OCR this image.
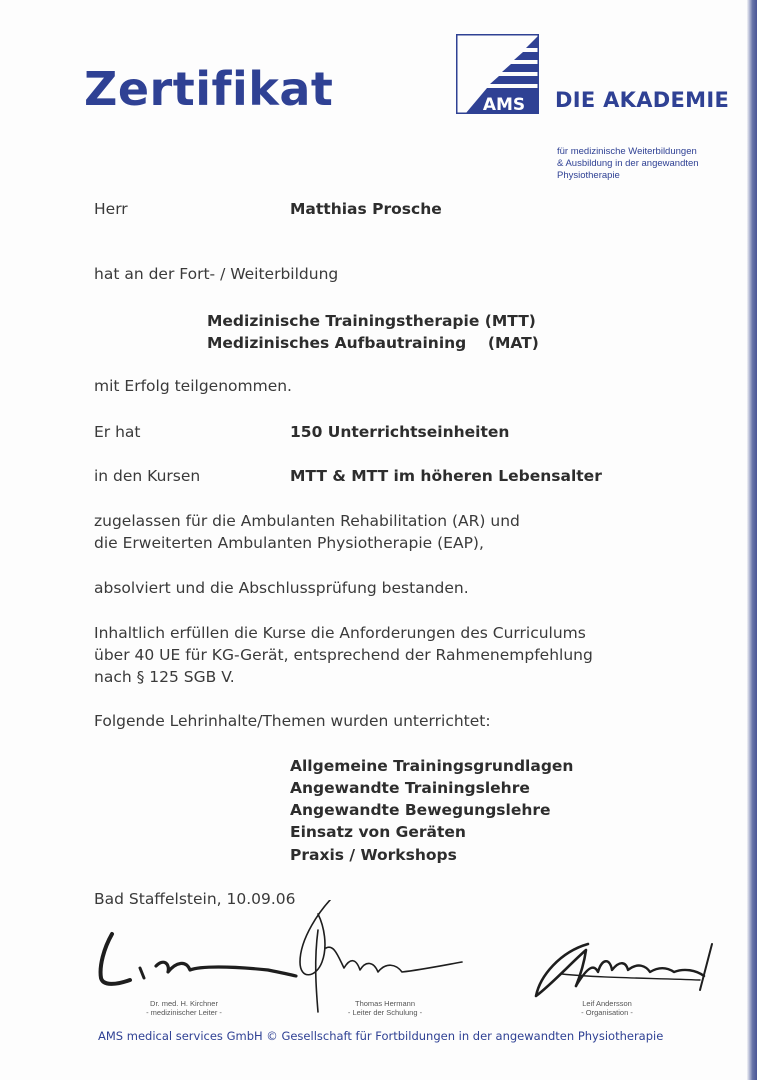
Zertifikat	AMS DIE AKADEMIE
für medizinische Weiterbildungen
& Ausbildung in der angewandten
Physiotherapie
Herr	Matthias Prosche
hat an der Fort- / Weiterbildung
Medizinische Trainingstherapie (MTT)
Medizinisches Aufbautraining    (MAT)
mit Erfolg teilgenommen.
Er hat	150 Unterrichtseinheiten
in den Kursen	MTT & MTT im höheren Lebensalter
zugelassen für die Ambulanten Rehabilitation (AR) und
die Erweiterten Ambulanten Physiotherapie (EAP),
absolviert und die Abschlussprüfung bestanden.
Inhaltlich erfüllen die Kurse die Anforderungen des Curriculums
über 40 UE für KG-Gerät, entsprechend der Rahmenempfehlung
nach § 125 SGB V.
Folgende Lehrinhalte/Themen wurden unterrichtet:
Allgemeine Trainingsgrundlagen
Angewandte Trainingslehre
Angewandte Bewegungslehre
Einsatz von Geräten
Praxis / Workshops
Bad Staffelstein, 10.09.06
Dr. med. H. Kirchner
- medizinischer Leiter -
Thomas Hermann
- Leiter der Schulung -
Leif Andersson
- Organisation -
AMS medical services GmbH © Gesellschaft für Fortbildungen in der angewandten Physiotherapie
